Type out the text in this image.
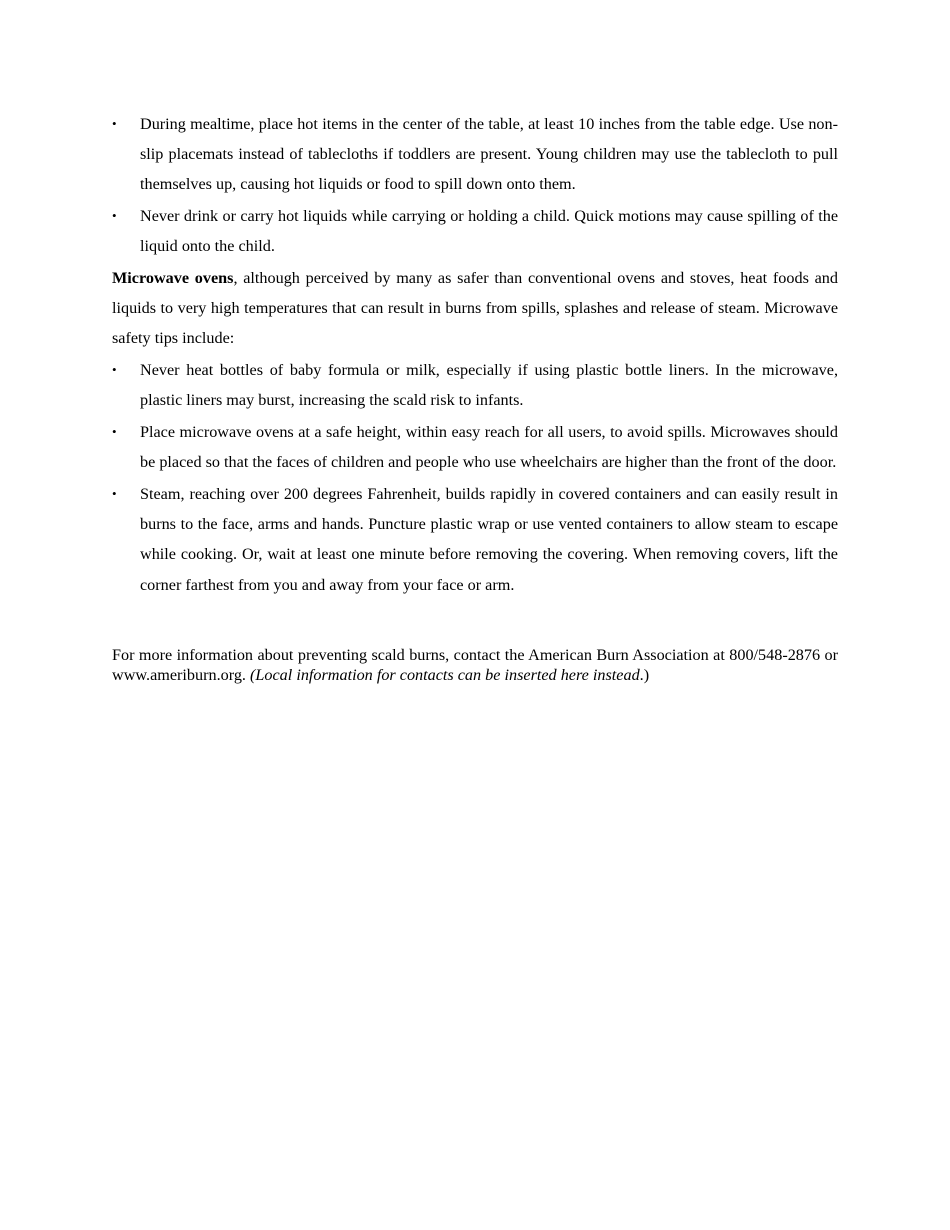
•	During mealtime, place hot items in the center of the table, at least 10 inches from the table edge. Use non-slip placemats instead of tablecloths if toddlers are present. Young children may use the tablecloth to pull themselves up, causing hot liquids or food to spill down onto them.
•	Never drink or carry hot liquids while carrying or holding a child. Quick motions may cause spilling of the liquid onto the child.

Microwave ovens, although perceived by many as safer than conventional ovens and stoves, heat foods and liquids to very high temperatures that can result in burns from spills, splashes and release of steam. Microwave safety tips include:

•	Never heat bottles of baby formula or milk, especially if using plastic bottle liners. In the microwave, plastic liners may burst, increasing the scald risk to infants.
•	Place microwave ovens at a safe height, within easy reach for all users, to avoid spills. Microwaves should be placed so that the faces of children and people who use wheelchairs are higher than the front of the door.
•	Steam, reaching over 200 degrees Fahrenheit, builds rapidly in covered containers and can easily result in burns to the face, arms and hands. Puncture plastic wrap or use vented containers to allow steam to escape while cooking. Or, wait at least one minute before removing the covering. When removing covers, lift the corner farthest from you and away from your face or arm.

For more information about preventing scald burns, contact the American Burn Association at 800/548-2876 or www.ameriburn.org. (Local information for contacts can be inserted here instead.)
